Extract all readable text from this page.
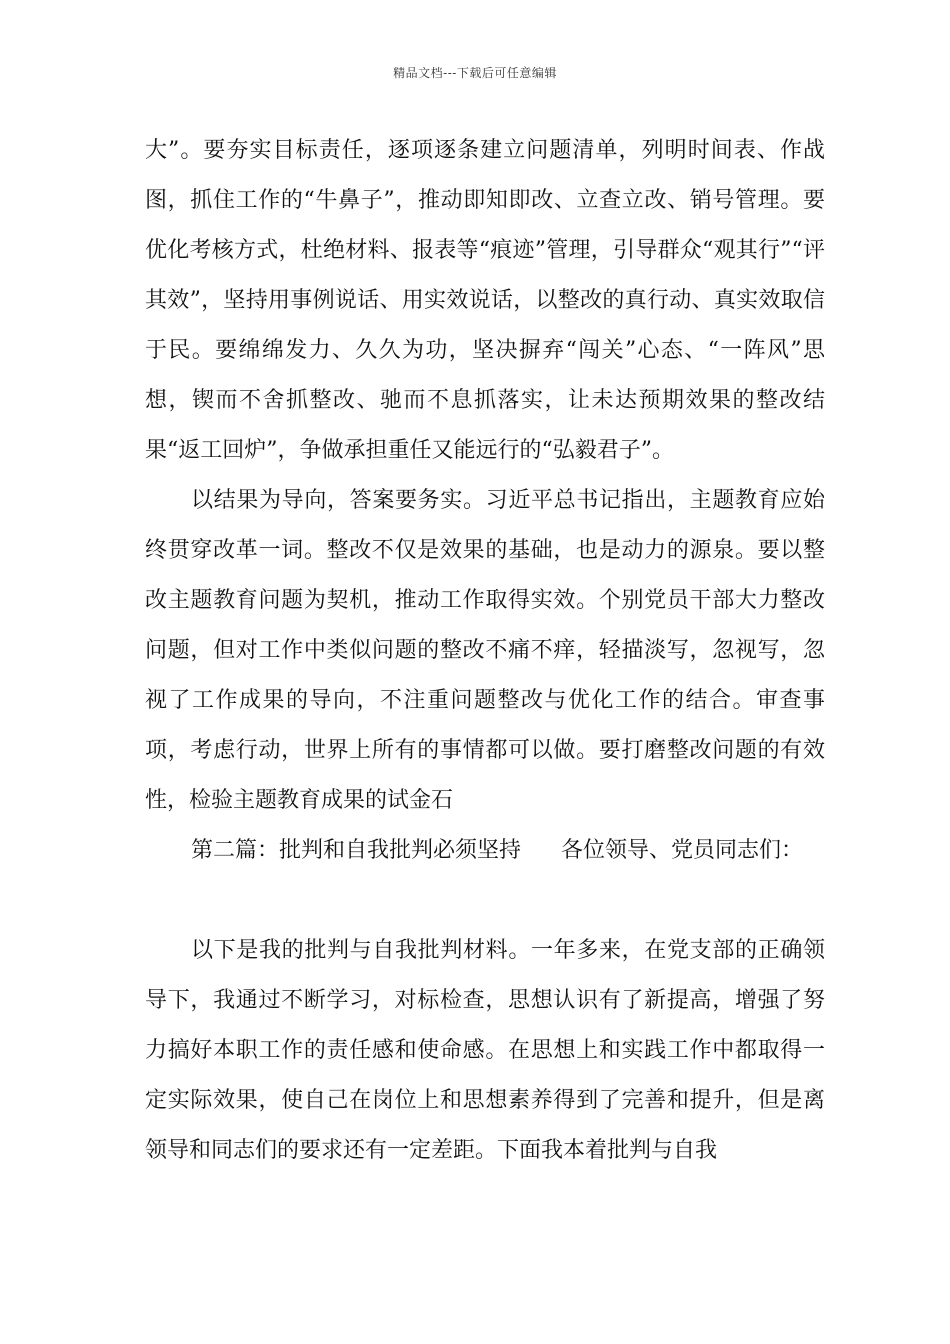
精品文档---下载后可任意编辑

大”。要夯实目标责任，逐项逐条建立问题清单，列明时间表、作战图，抓住工作的“牛鼻子”，推动即知即改、立查立改、销号管理。要优化考核方式，杜绝材料、报表等“痕迹”管理，引导群众“观其行”“评其效”，坚持用事例说话、用实效说话，以整改的真行动、真实效取信于民。要绵绵发力、久久为功，坚决摒弃“闯关”心态、“一阵风”思想，锲而不舍抓整改、驰而不息抓落实，让未达预期效果的整改结果“返工回炉”，争做承担重任又能远行的“弘毅君子”。

以结果为导向，答案要务实。习近平总书记指出，主题教育应始终贯穿改革一词。整改不仅是效果的基础，也是动力的源泉。要以整改主题教育问题为契机，推动工作取得实效。个别党员干部大力整改问题，但对工作中类似问题的整改不痛不痒，轻描淡写，忽视写，忽视了工作成果的导向，不注重问题整改与优化工作的结合。审查事项，考虑行动，世界上所有的事情都可以做。要打磨整改问题的有效性，检验主题教育成果的试金石

第二篇：批判和自我批判必须坚持 各位领导、党员同志们：

以下是我的批判与自我批判材料。一年多来，在党支部的正确领导下，我通过不断学习，对标检查，思想认识有了新提高，增强了努力搞好本职工作的责任感和使命感。在思想上和实践工作中都取得一定实际效果，使自己在岗位上和思想素养得到了完善和提升，但是离领导和同志们的要求还有一定差距。下面我本着批判与自我
